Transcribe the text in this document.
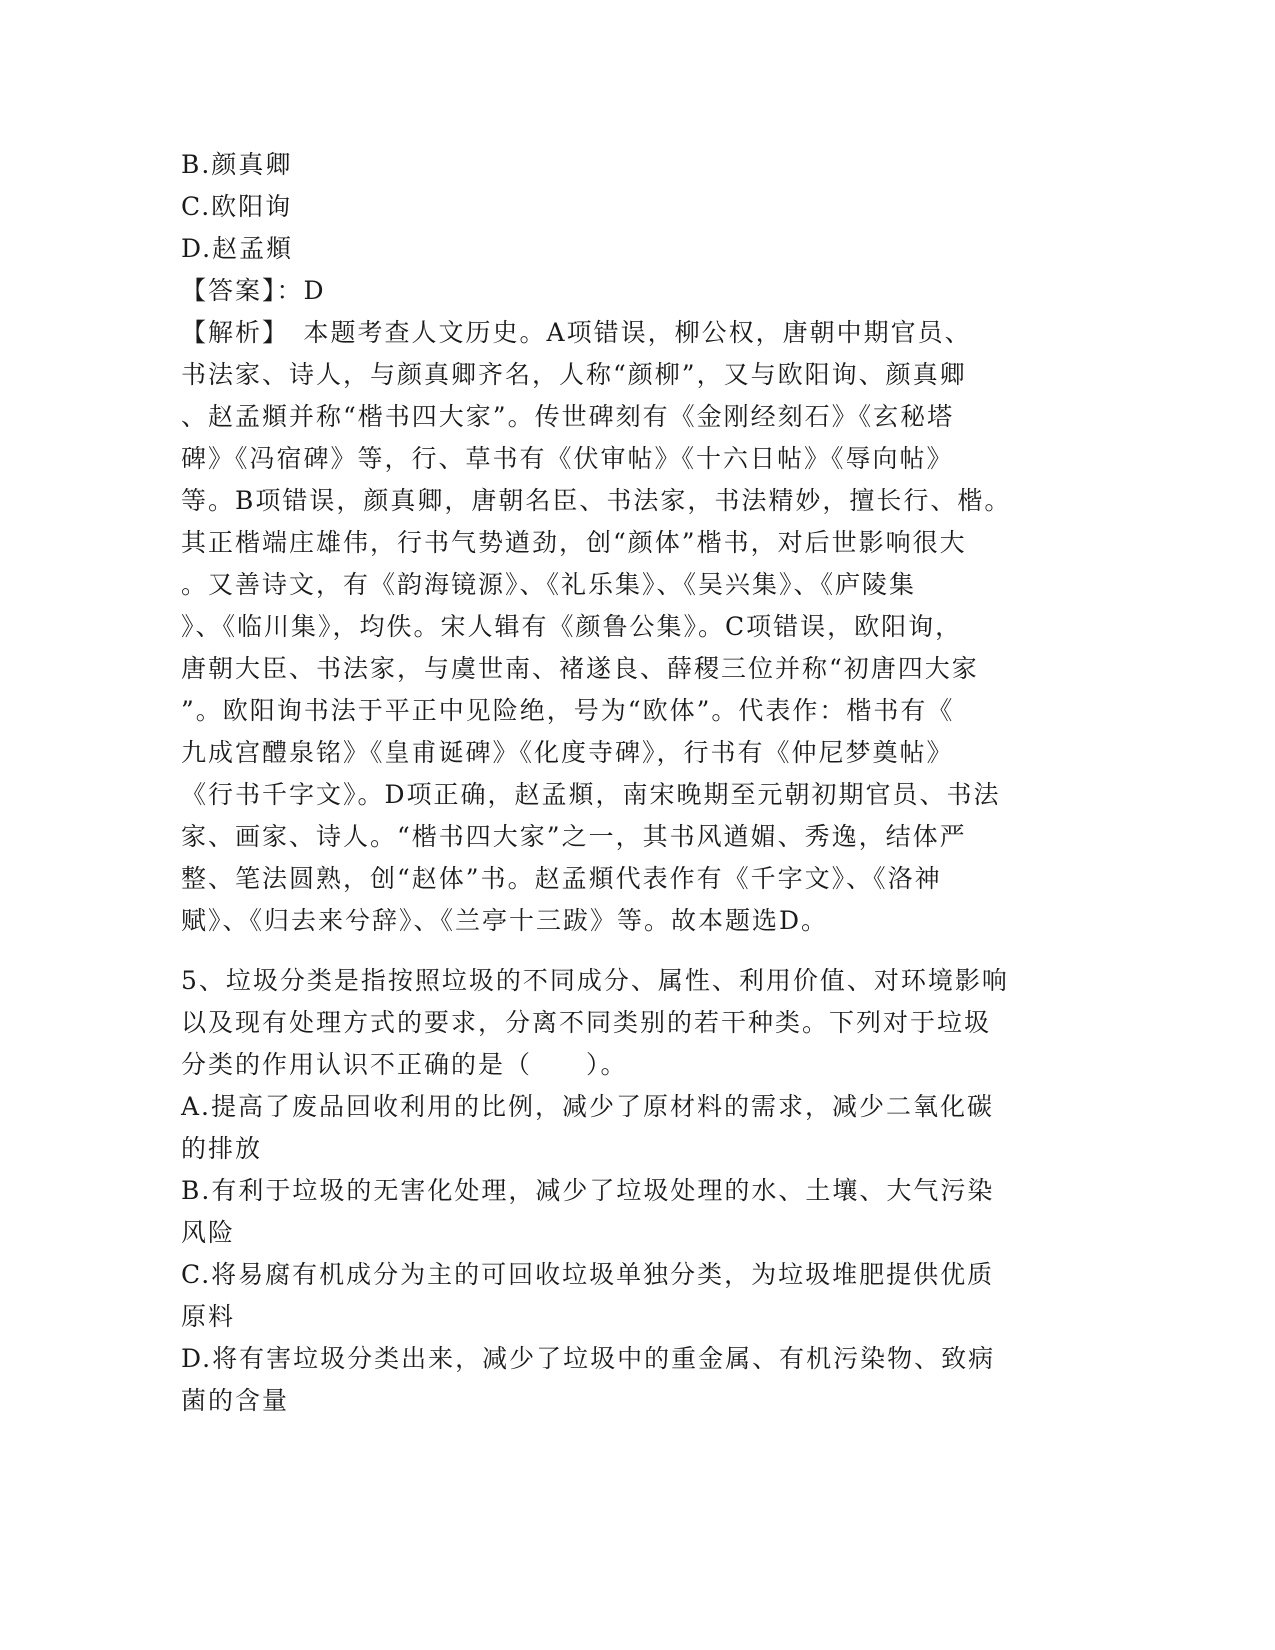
B.颜真卿
C.欧阳询
D.赵孟頫
【答案】：D
【解析】　本题考查人文历史。A项错误，柳公权，唐朝中期官员、
书法家、诗人，与颜真卿齐名，人称“颜柳”，又与欧阳询、颜真卿
、赵孟頫并称“楷书四大家”。传世碑刻有《金刚经刻石》《玄秘塔
碑》《冯宿碑》等，行、草书有《伏审帖》《十六日帖》《辱向帖》
等。B项错误，颜真卿，唐朝名臣、书法家，书法精妙，擅长行、楷。
其正楷端庄雄伟，行书气势遒劲，创“颜体”楷书，对后世影响很大
。又善诗文，有《韵海镜源》、《礼乐集》、《吴兴集》、《庐陵集
》、《临川集》，均佚。宋人辑有《颜鲁公集》。C项错误，欧阳询，
唐朝大臣、书法家，与虞世南、褚遂良、薛稷三位并称“初唐四大家
”。欧阳询书法于平正中见险绝，号为“欧体”。代表作：楷书有《
九成宫醴泉铭》《皇甫诞碑》《化度寺碑》，行书有《仲尼梦奠帖》
《行书千字文》。D项正确，赵孟頫，南宋晚期至元朝初期官员、书法
家、画家、诗人。“楷书四大家”之一，其书风遒媚、秀逸，结体严
整、笔法圆熟，创“赵体”书。赵孟頫代表作有《千字文》、《洛神
赋》、《归去来兮辞》、《兰亭十三跋》等。故本题选D。
5、垃圾分类是指按照垃圾的不同成分、属性、利用价值、对环境影响
以及现有处理方式的要求，分离不同类别的若干种类。下列对于垃圾
分类的作用认识不正确的是（　　）。
A.提高了废品回收利用的比例，减少了原材料的需求，减少二氧化碳
的排放
B.有利于垃圾的无害化处理，减少了垃圾处理的水、土壤、大气污染
风险
C.将易腐有机成分为主的可回收垃圾单独分类，为垃圾堆肥提供优质
原料
D.将有害垃圾分类出来，减少了垃圾中的重金属、有机污染物、致病
菌的含量
